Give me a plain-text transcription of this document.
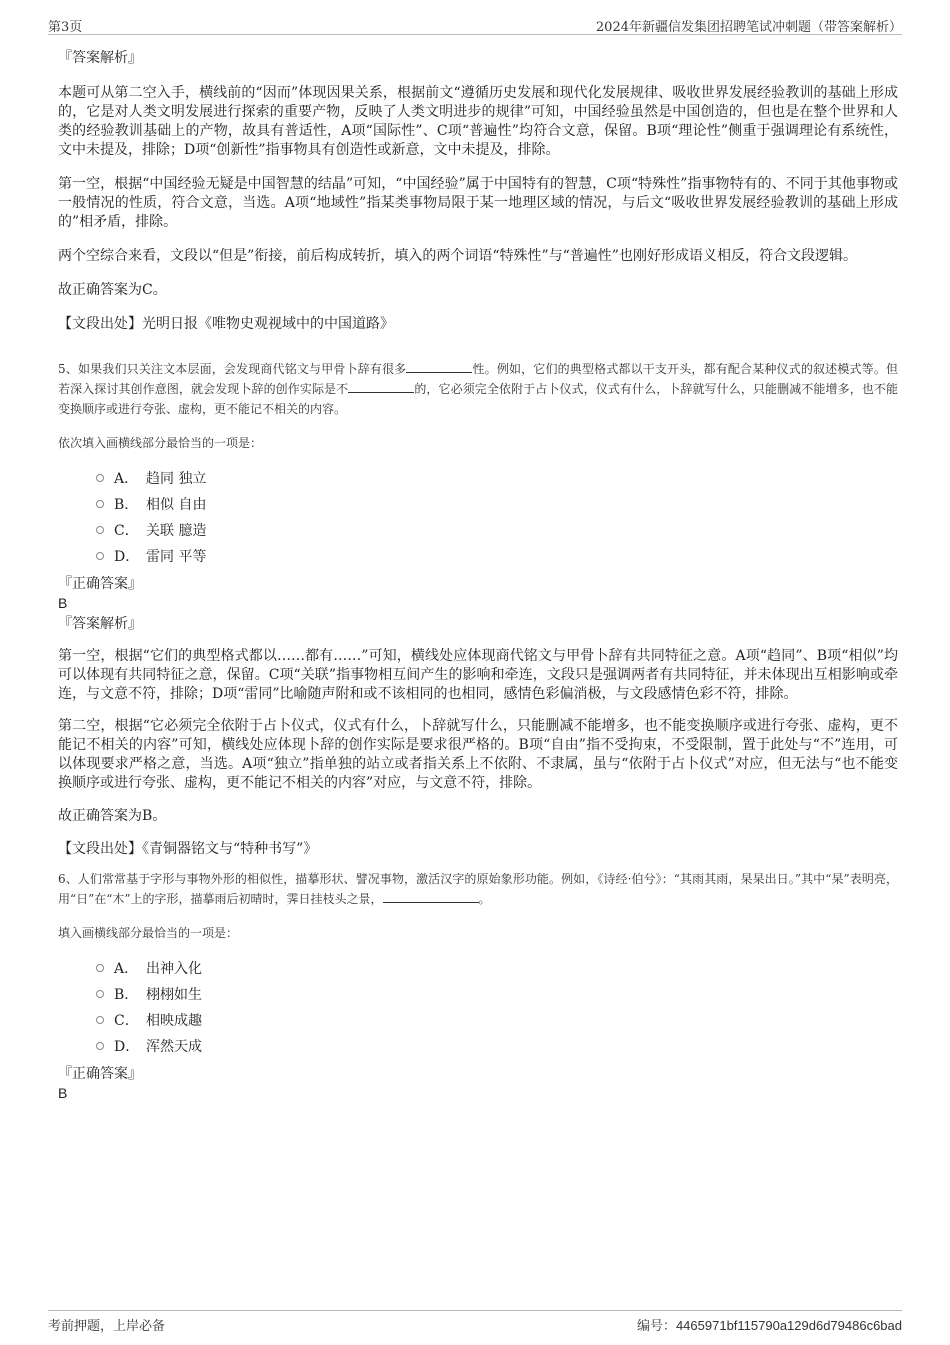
第3页	2024年新疆信发集团招聘笔试冲刺题（带答案解析）
『答案解析』

本题可从第二空入手，横线前的“因而”体现因果关系，根据前文“遵循历史发展和现代化发展规律、吸收世界发展经验教训的基础上形成的，它是对人类文明发展进行探索的重要产物，反映了人类文明进步的规律”可知，中国经验虽然是中国创造的，但也是在整个世界和人类的经验教训基础上的产物，故具有普适性，A项“国际性”、C项“普遍性”均符合文意，保留。B项“理论性”侧重于强调理论有系统性，文中未提及，排除；D项“创新性”指事物具有创造性或新意，文中未提及，排除。

第一空，根据“中国经验无疑是中国智慧的结晶”可知，“中国经验”属于中国特有的智慧，C项“特殊性”指事物特有的、不同于其他事物或一般情况的性质，符合文意，当选。A项“地域性”指某类事物局限于某一地理区域的情况，与后文“吸收世界发展经验教训的基础上形成的”相矛盾，排除。

两个空综合来看，文段以“但是”衔接，前后构成转折，填入的两个词语“特殊性”与“普遍性”也刚好形成语义相反，符合文段逻辑。

故正确答案为C。

【文段出处】光明日报《唯物史观视域中的中国道路》

5、如果我们只关注文本层面，会发现商代铭文与甲骨卜辞有很多	性。例如，它们的典型格式都以干支开头，都有配合某种仪式的叙述模式等。但若深入探讨其创作意图，就会发现卜辞的创作实际是不	的，它必须完全依附于占卜仪式，仪式有什么，卜辞就写什么，只能删减不能增多，也不能变换顺序或进行夸张、虚构，更不能记不相关的内容。
依次填入画横线部分最恰当的一项是：
A． 趋同 独立
B． 相似 自由
C． 关联 臆造
D． 雷同 平等
『正确答案』
B
『答案解析』

第一空，根据“它们的典型格式都以……都有……”可知，横线处应体现商代铭文与甲骨卜辞有共同特征之意。A项“趋同”、B项“相似”均可以体现有共同特征之意，保留。C项“关联”指事物相互间产生的影响和牵连，文段只是强调两者有共同特征，并未体现出互相影响或牵连，与文意不符，排除；D项“雷同”比喻随声附和或不该相同的也相同，感情色彩偏消极，与文段感情色彩不符，排除。

第二空，根据“它必须完全依附于占卜仪式，仪式有什么，卜辞就写什么，只能删减不能增多，也不能变换顺序或进行夸张、虚构，更不能记不相关的内容”可知，横线处应体现卜辞的创作实际是要求很严格的。B项“自由”指不受拘束，不受限制，置于此处与“不”连用，可以体现要求严格之意，当选。A项“独立”指单独的站立或者指关系上不依附、不隶属，虽与“依附于占卜仪式”对应，但无法与“也不能变换顺序或进行夸张、虚构，更不能记不相关的内容”对应，与文意不符，排除。

故正确答案为B。

【文段出处】《青铜器铭文与“特种书写”》

6、人们常常基于字形与事物外形的相似性，描摹形状、譬况事物，激活汉字的原始象形功能。例如，《诗经·伯兮》：“其雨其雨，杲杲出日。”其中“杲”表明亮，用“日”在“木”上的字形，描摹雨后初晴时，霁日挂枝头之景，	。
填入画横线部分最恰当的一项是：
A． 出神入化
B． 栩栩如生
C． 相映成趣
D． 浑然天成
『正确答案』
B
考前押题，上岸必备	编号：4465971bf115790a129d6d79486c6bad
